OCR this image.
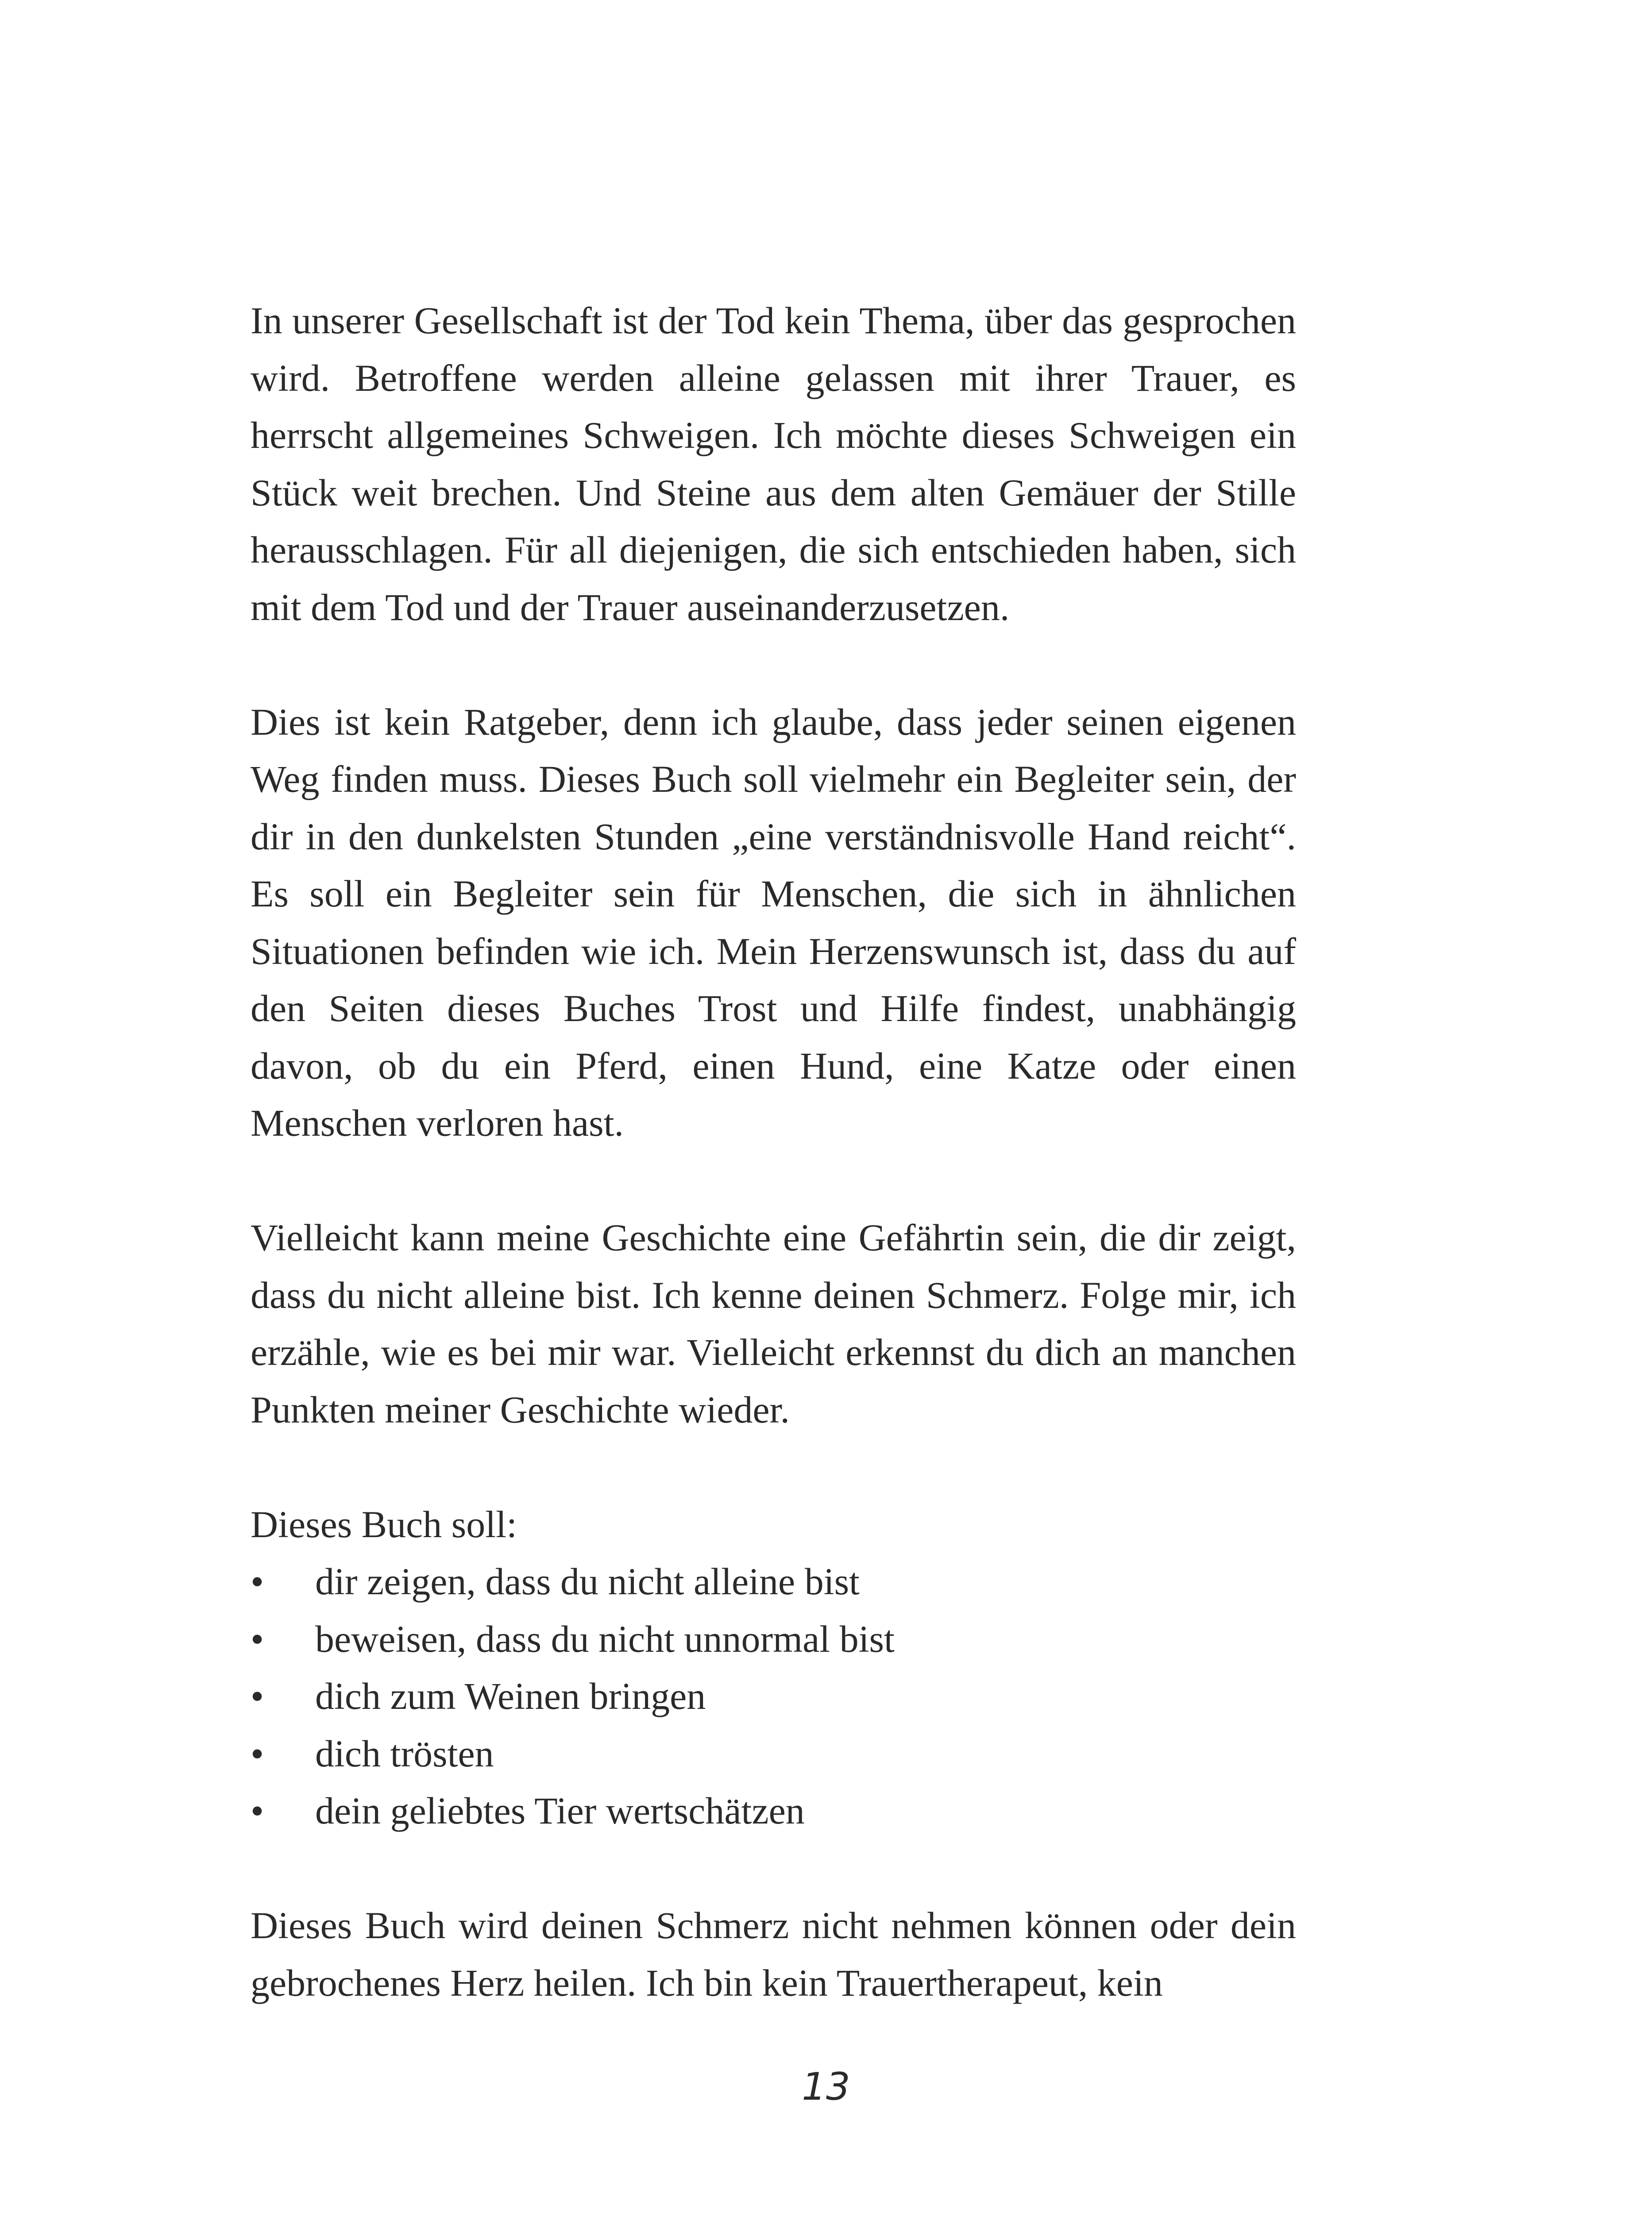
In unserer Gesellschaft ist der Tod kein Thema, über das gesprochen wird. Betroffene werden alleine gelassen mit ihrer Trauer, es herrscht allgemeines Schweigen. Ich möchte dieses Schweigen ein Stück weit brechen. Und Steine aus dem alten Gemäuer der Stille herausschlagen. Für all diejenigen, die sich entschieden haben, sich mit dem Tod und der Trauer auseinanderzusetzen.

Dies ist kein Ratgeber, denn ich glaube, dass jeder seinen eigenen Weg finden muss. Dieses Buch soll vielmehr ein Begleiter sein, der dir in den dunkelsten Stunden „eine verständnisvolle Hand reicht“. Es soll ein Begleiter sein für Menschen, die sich in ähnlichen Situationen befinden wie ich. Mein Herzenswunsch ist, dass du auf den Seiten dieses Buches Trost und Hilfe findest, unabhängig davon, ob du ein Pferd, einen Hund, eine Katze oder einen Menschen verloren hast.

Vielleicht kann meine Geschichte eine Gefährtin sein, die dir zeigt, dass du nicht alleine bist. Ich kenne deinen Schmerz. Folge mir, ich erzähle, wie es bei mir war. Vielleicht erkennst du dich an manchen Punkten meiner Geschichte wieder.

Dieses Buch soll:

•	dir zeigen, dass du nicht alleine bist
•	beweisen, dass du nicht unnormal bist
•	dich zum Weinen bringen
•	dich trösten
•	dein geliebtes Tier wertschätzen

Dieses Buch wird deinen Schmerz nicht nehmen können oder dein gebrochenes Herz heilen. Ich bin kein Trauertherapeut, kein

13
